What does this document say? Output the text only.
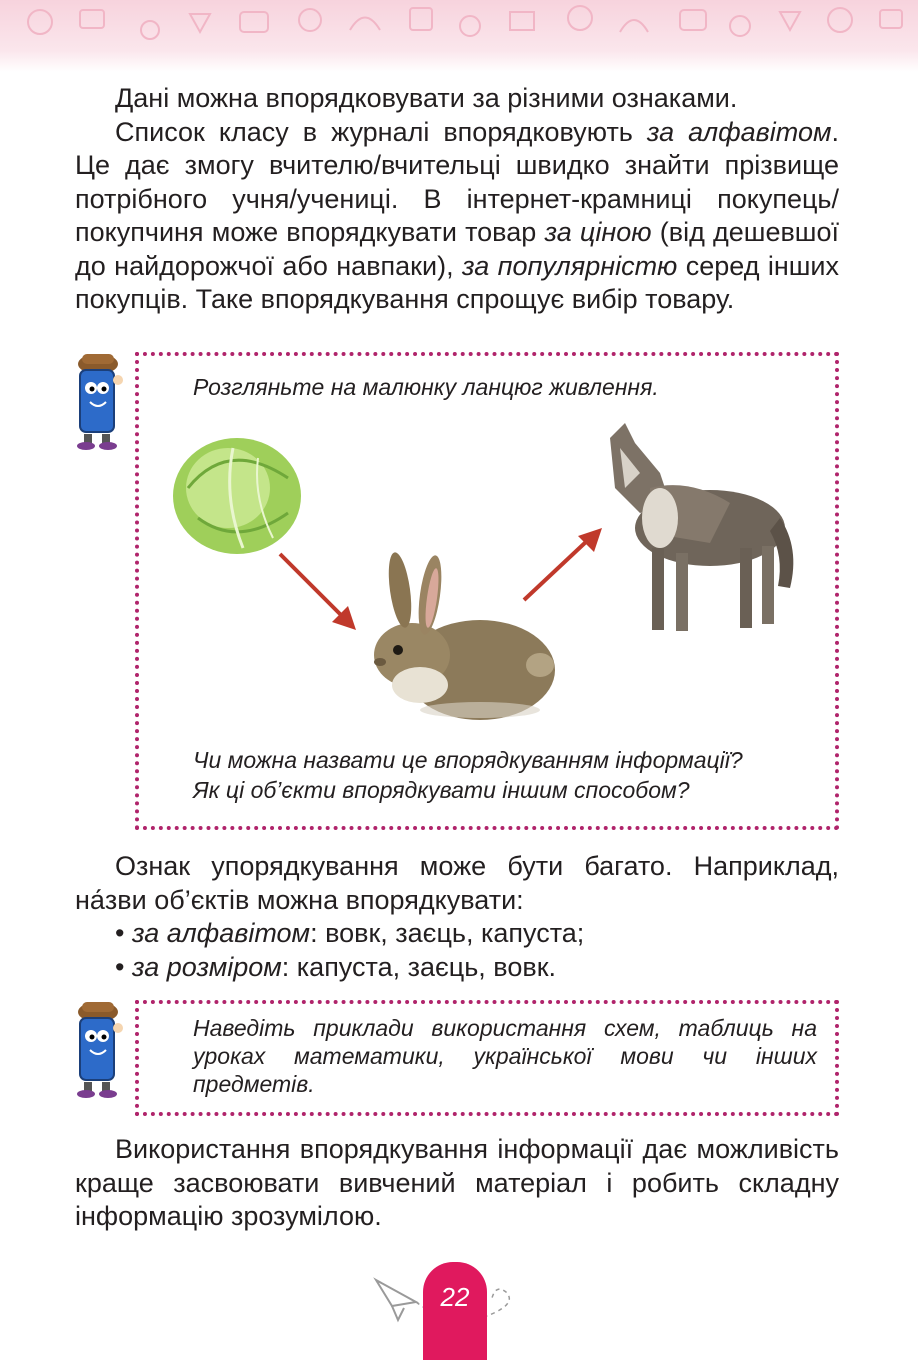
Дані можна впорядковувати за різними ознаками.

Список класу в журналі впорядковують за алфавітом. Це дає змогу вчителю/вчительці швидко знайти прізвище потрібного учня/учениці. В інтернет-крамниці покупець/покупчиня може впорядкувати товар за ціною (від дешевшої до найдорожчої або навпаки), за популярністю серед інших покупців. Таке впорядкування спрощує вибір товару.

Розгляньте на малюнку ланцюг живлення.
Чи можна назвати це впорядкуванням інформації?
Як ці об’єкти впорядкувати іншим способом?

Ознак упорядкування може бути багато. Наприклад, на́зви об’єктів можна впорядкувати:

• за алфавітом: вовк, заєць, капуста;
• за розміром: капуста, заєць, вовк.
Наведіть приклади використання схем, таблиць на уроках математики, української мови чи інших предметів.

Використання впорядкування інформації дає можливість краще засвоювати вивчений матеріал і робить складну інформацію зрозумілою.

22
